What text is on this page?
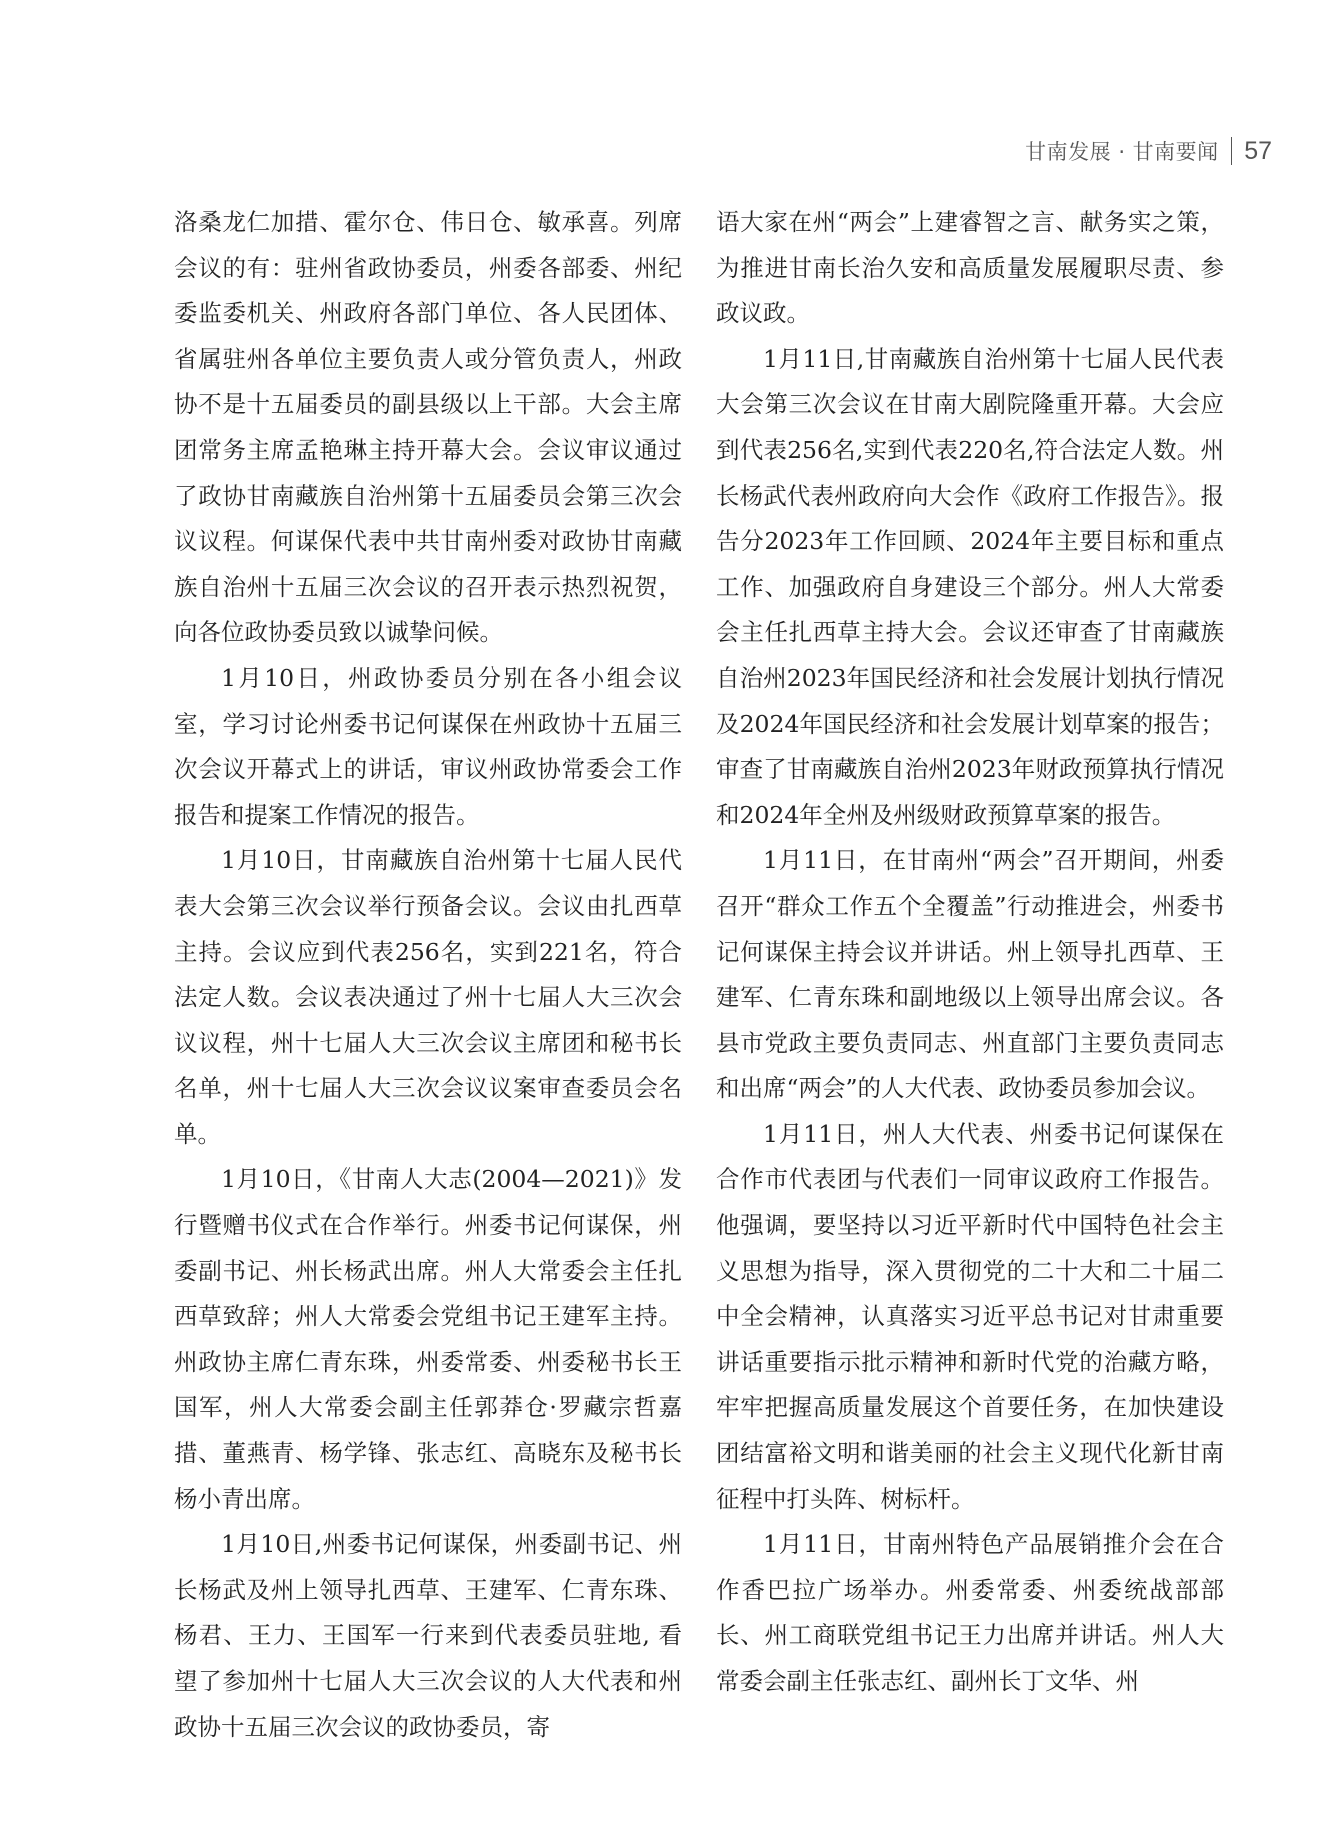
甘南发展 · 甘南要闻 57

洛桑龙仁加措、霍尔仓、伟日仓、敏承喜。列席会议的有：驻州省政协委员，州委各部委、州纪委监委机关、州政府各部门单位、各人民团体、省属驻州各单位主要负责人或分管负责人，州政协不是十五届委员的副县级以上干部。大会主席团常务主席孟艳琳主持开幕大会。会议审议通过了政协甘南藏族自治州第十五届委员会第三次会议议程。何谋保代表中共甘南州委对政协甘南藏族自治州十五届三次会议的召开表示热烈祝贺，向各位政协委员致以诚挚问候。

1月10日，州政协委员分别在各小组会议室，学习讨论州委书记何谋保在州政协十五届三次会议开幕式上的讲话，审议州政协常委会工作报告和提案工作情况的报告。

1月10日，甘南藏族自治州第十七届人民代表大会第三次会议举行预备会议。会议由扎西草主持。会议应到代表256名，实到221名，符合法定人数。会议表决通过了州十七届人大三次会议议程，州十七届人大三次会议主席团和秘书长名单，州十七届人大三次会议议案审查委员会名单。

1月10日，《甘南人大志(2004—2021)》发行暨赠书仪式在合作举行。州委书记何谋保，州委副书记、州长杨武出席。州人大常委会主任扎西草致辞；州人大常委会党组书记王建军主持。州政协主席仁青东珠，州委常委、州委秘书长王国军，州人大常委会副主任郭莽仓·罗藏宗哲嘉措、董燕青、杨学锋、张志红、高晓东及秘书长杨小青出席。

1月10日,州委书记何谋保，州委副书记、州长杨武及州上领导扎西草、王建军、仁青东珠、杨君、王力、王国军一行来到代表委员驻地, 看望了参加州十七届人大三次会议的人大代表和州政协十五届三次会议的政协委员，寄

语大家在州“两会”上建睿智之言、献务实之策，为推进甘南长治久安和高质量发展履职尽责、参政议政。

1月11日,甘南藏族自治州第十七届人民代表大会第三次会议在甘南大剧院隆重开幕。大会应到代表256名,实到代表220名,符合法定人数。州长杨武代表州政府向大会作《政府工作报告》。报告分2023年工作回顾、2024年主要目标和重点工作、加强政府自身建设三个部分。州人大常委会主任扎西草主持大会。会议还审查了甘南藏族自治州2023年国民经济和社会发展计划执行情况及2024年国民经济和社会发展计划草案的报告；审查了甘南藏族自治州2023年财政预算执行情况和2024年全州及州级财政预算草案的报告。

1月11日，在甘南州“两会”召开期间，州委召开“群众工作五个全覆盖”行动推进会，州委书记何谋保主持会议并讲话。州上领导扎西草、王建军、仁青东珠和副地级以上领导出席会议。各县市党政主要负责同志、州直部门主要负责同志和出席“两会”的人大代表、政协委员参加会议。

1月11日，州人大代表、州委书记何谋保在合作市代表团与代表们一同审议政府工作报告。他强调，要坚持以习近平新时代中国特色社会主义思想为指导，深入贯彻党的二十大和二十届二中全会精神，认真落实习近平总书记对甘肃重要讲话重要指示批示精神和新时代党的治藏方略，牢牢把握高质量发展这个首要任务，在加快建设团结富裕文明和谐美丽的社会主义现代化新甘南征程中打头阵、树标杆。

1月11日，甘南州特色产品展销推介会在合作香巴拉广场举办。州委常委、州委统战部部长、州工商联党组书记王力出席并讲话。州人大常委会副主任张志红、副州长丁文华、州
